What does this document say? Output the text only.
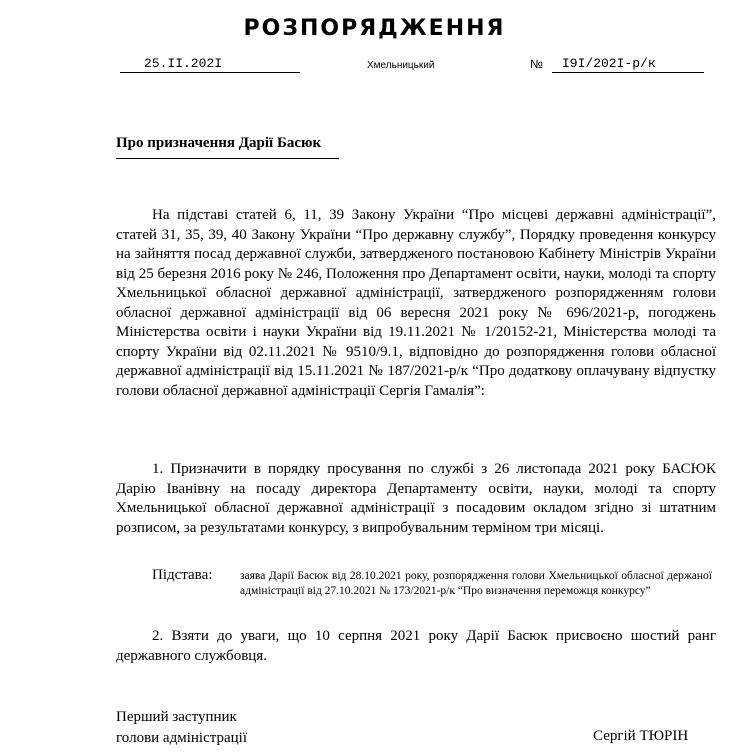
РОЗПОРЯДЖЕННЯ
25.II.202I	Хмельницький	№	I9I/202I-р/к
Про призначення Дарії Басюк

На підставі статей 6, 11, 39 Закону України “Про місцеві державні адміністрації”, статей 31, 35, 39, 40 Закону України “Про державну службу”, Порядку проведення конкурсу на зайняття посад державної служби, затвердженого постановою Кабінету Міністрів України від 25 березня 2016 року № 246, Положення про Департамент освіти, науки, молоді та спорту Хмельницької обласної державної адміністрації, затвердженого розпорядженням голови обласної державної адміністрації від 06 вересня 2021 року № 696/2021-р, погоджень Міністерства освіти і науки України від 19.11.2021 № 1/20152-21, Міністерства молоді та спорту України від 02.11.2021 № 9510/9.1, відповідно до розпорядження голови обласної державної адміністрації від 15.11.2021 № 187/2021-р/к “Про додаткову оплачувану відпустку голови обласної державної адміністрації Сергія Гамалія”:

1. Призначити в порядку просування по службі з 26 листопада 2021 року БАСЮК Дарію Іванівну на посаду директора Департаменту освіти, науки, молоді та спорту Хмельницької обласної державної адміністрації з посадовим окладом згідно зі штатним розписом, за результатами конкурсу, з випробувальним терміном три місяці.

Підстава:	заява Дарії Басюк від 28.10.2021 року, розпорядження голови Хмельницької обласної держаної адміністрації від 27.10.2021 № 173/2021-р/к “Про визначення переможця конкурсу”

2. Взяти до уваги, що 10 серпня 2021 року Дарії Басюк присвоєно шостий ранг державного службовця.

Перший заступник
голови адміністрації	Сергій ТЮРІН
